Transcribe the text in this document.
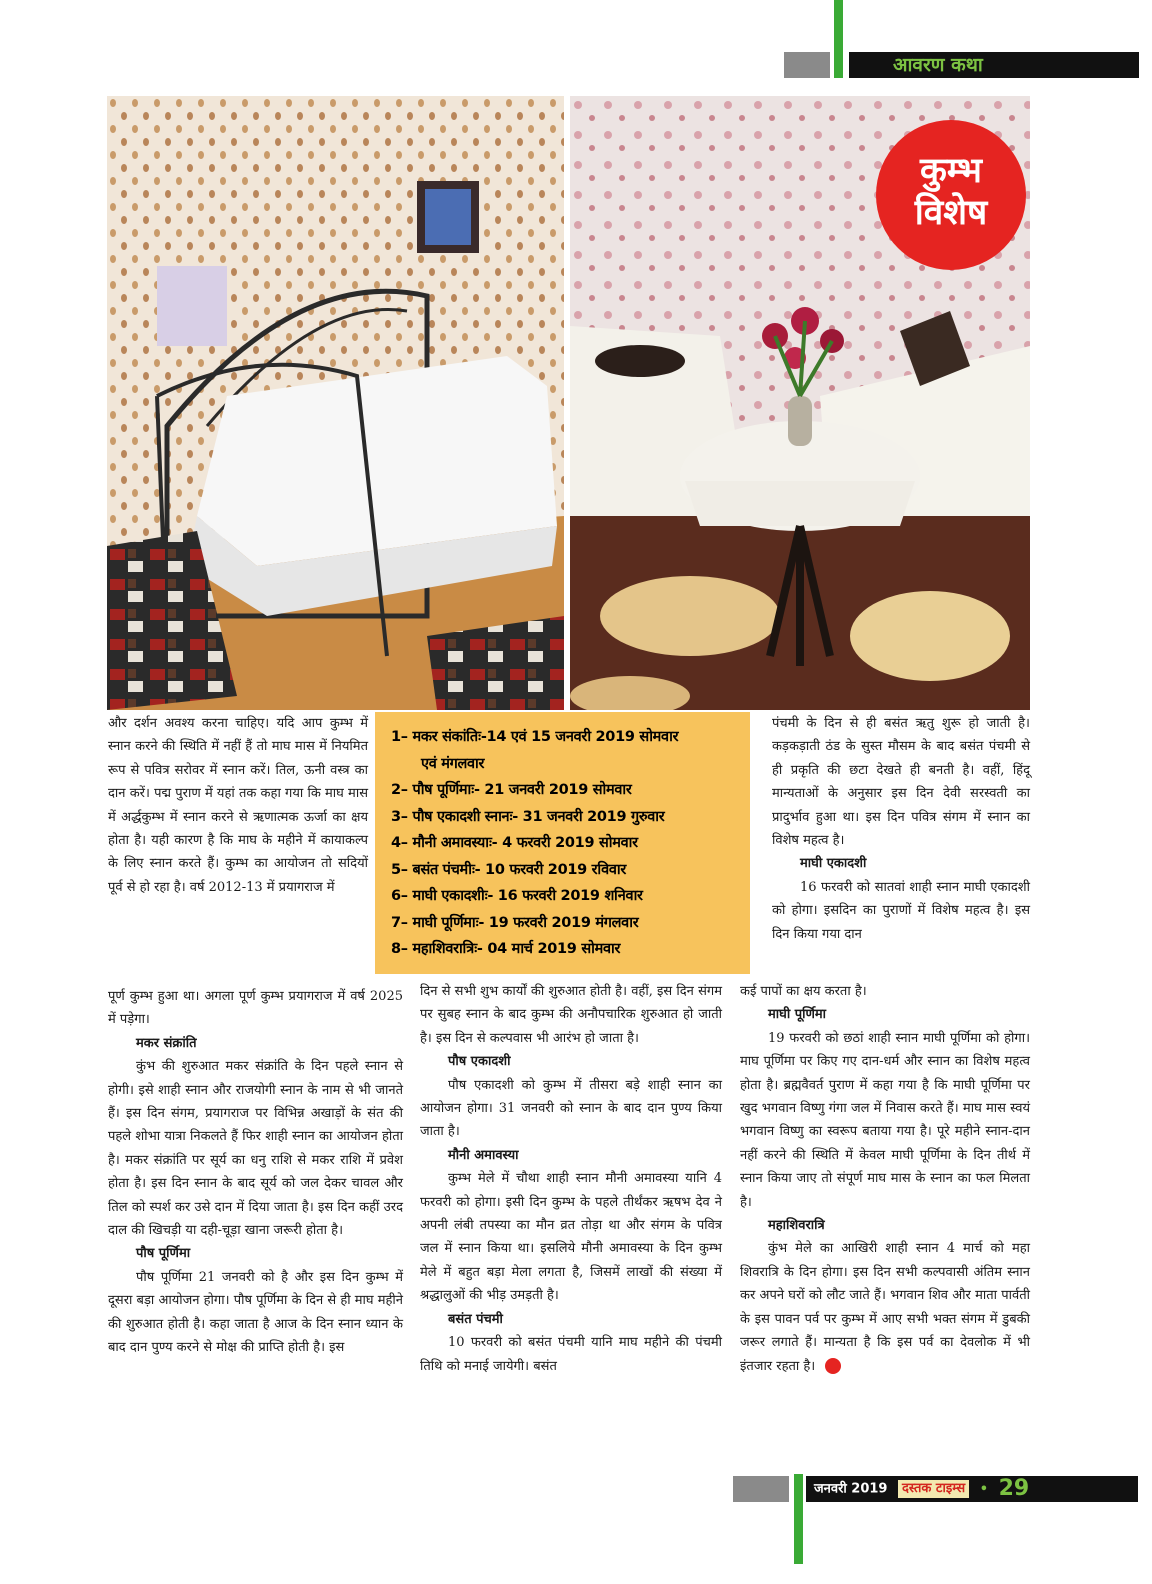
आवरण कथा
कुम्भ
विशेष

और दर्शन अवश्य करना चाहिए। यदि आप कुम्भ में स्नान करने की स्थिति में नहीं हैं तो माघ मास में नियमित रूप से पवित्र सरोवर में स्नान करें। तिल, ऊनी वस्त्र का दान करें। पद्म पुराण में यहां तक कहा गया कि माघ मास में अर्द्धकुम्भ में स्नान करने से ऋणात्मक ऊर्जा का क्षय होता है। यही कारण है कि माघ के महीने में कायाकल्प के लिए स्नान करते हैं। कुम्भ का आयोजन तो सदियों पूर्व से हो रहा है। वर्ष 2012-13 में प्रयागराज में

पूर्ण कुम्भ हुआ था। अगला पूर्ण कुम्भ प्रयागराज में वर्ष 2025 में पड़ेगा।

मकर संक्रांति

कुंभ की शुरुआत मकर संक्रांति के दिन पहले स्नान से होगी। इसे शाही स्नान और राजयोगी स्नान के नाम से भी जानते हैं। इस दिन संगम, प्रयागराज पर विभिन्न अखाड़ों के संत की पहले शोभा यात्रा निकलते हैं फिर शाही स्नान का आयोजन होता है। मकर संक्रांति पर सूर्य का धनु राशि से मकर राशि में प्रवेश होता है। इस दिन स्नान के बाद सूर्य को जल देकर चावल और तिल को स्पर्श कर उसे दान में दिया जाता है। इस दिन कहीं उरद दाल की खिचड़ी या दही-चूड़ा खाना जरूरी होता है।

पौष पूर्णिमा

पौष पूर्णिमा 21 जनवरी को है और इस दिन कुम्भ में दूसरा बड़ा आयोजन होगा। पौष पूर्णिमा के दिन से ही माघ महीने की शुरुआत होती है। कहा जाता है आज के दिन स्नान ध्यान के बाद दान पुण्य करने से मोक्ष की प्राप्ति होती है। इस

1– मकर संकांतिः-14 एवं 15 जनवरी 2019 सोमवार
एवं मंगलवार
2– पौष पूर्णिमाः- 21 जनवरी 2019 सोमवार
3– पौष एकादशी स्नानः- 31 जनवरी 2019 गुरुवार
4– मौनी अमावस्याः- 4 फरवरी 2019 सोमवार
5– बसंत पंचमीः- 10 फरवरी 2019 रविवार
6– माघी एकादशीः- 16 फरवरी 2019 शनिवार
7– माघी पूर्णिमाः- 19 फरवरी 2019 मंगलवार
8– महाशिवरात्रिः- 04 मार्च 2019 सोमवार

दिन से सभी शुभ कार्यों की शुरुआत होती है। वहीं, इस दिन संगम पर सुबह स्नान के बाद कुम्भ की अनौपचारिक शुरुआत हो जाती है। इस दिन से कल्पवास भी आरंभ हो जाता है।

पौष एकादशी

पौष एकादशी को कुम्भ में तीसरा बड़े शाही स्नान का आयोजन होगा। 31 जनवरी को स्नान के बाद दान पुण्य किया जाता है।

मौनी अमावस्या

कुम्भ मेले में चौथा शाही स्नान मौनी अमावस्या यानि 4 फरवरी को होगा। इसी दिन कुम्भ के पहले तीर्थंकर ऋषभ देव ने अपनी लंबी तपस्या का मौन व्रत तोड़ा था और संगम के पवित्र जल में स्नान किया था। इसलिये मौनी अमावस्या के दिन कुम्भ मेले में बहुत बड़ा मेला लगता है, जिसमें लाखों की संख्या में श्रद्धालुओं की भीड़ उमड़ती है।

बसंत पंचमी

10 फरवरी को बसंत पंचमी यानि माघ महीने की पंचमी तिथि को मनाई जायेगी। बसंत

पंचमी के दिन से ही बसंत ऋतु शुरू हो जाती है। कड़कड़ाती ठंड के सुस्त मौसम के बाद बसंत पंचमी से ही प्रकृति की छटा देखते ही बनती है। वहीं, हिंदू मान्यताओं के अनुसार इस दिन देवी सरस्वती का प्रादुर्भाव हुआ था। इस दिन पवित्र संगम में स्नान का विशेष महत्व है।

माघी एकादशी

16 फरवरी को सातवां शाही स्नान माघी एकादशी को होगा। इसदिन का पुराणों में विशेष महत्व है। इस दिन किया गया दान

कई पापों का क्षय करता है।

माघी पूर्णिमा

19 फरवरी को छठां शाही स्नान माघी पूर्णिमा को होगा। माघ पूर्णिमा पर किए गए दान-धर्म और स्नान का विशेष महत्व होता है। ब्रह्मवैवर्त पुराण में कहा गया है कि माघी पूर्णिमा पर खुद भगवान विष्णु गंगा जल में निवास करते हैं। माघ मास स्वयं भगवान विष्णु का स्वरूप बताया गया है। पूरे महीने स्नान-दान नहीं करने की स्थिति में केवल माघी पूर्णिमा के दिन तीर्थ में स्नान किया जाए तो संपूर्ण माघ मास के स्नान का फल मिलता है।

महाशिवरात्रि

कुंभ मेले का आखिरी शाही स्नान 4 मार्च को महा शिवरात्रि के दिन होगा। इस दिन सभी कल्पवासी अंतिम स्नान कर अपने घरों को लौट जाते हैं। भगवान शिव और माता पार्वती के इस पावन पर्व पर कुम्भ में आए सभी भक्त संगम में डुबकी जरूर लगाते हैं। मान्यता है कि इस पर्व का देवलोक में भी इंतजार रहता है।

जनवरी 2019 दस्तक टाइम्स • 29
